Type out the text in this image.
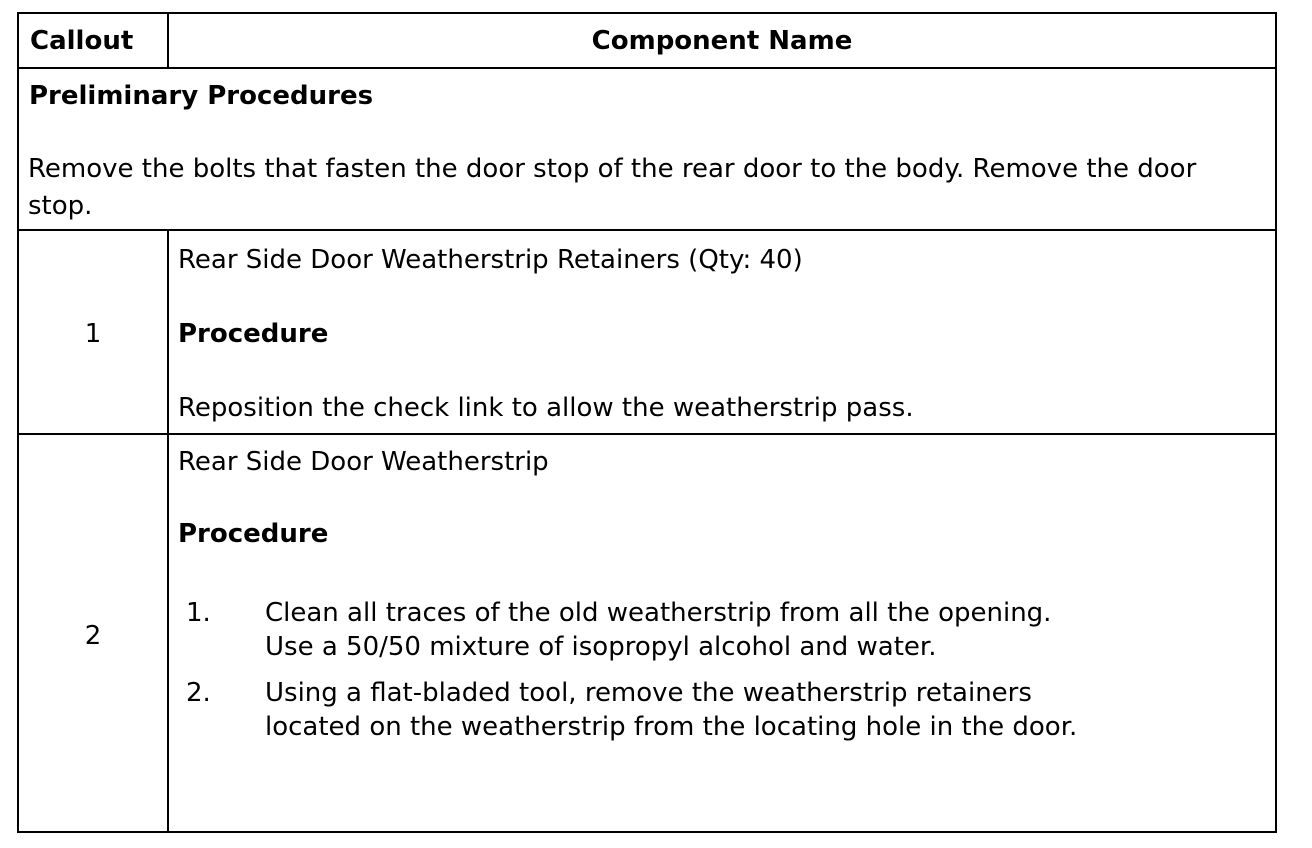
Callout	Component Name
Preliminary Procedures
Remove the bolts that fasten the door stop of the rear door to the body. Remove the door stop.
1
Rear Side Door Weatherstrip Retainers (Qty: 40)
Procedure
Reposition the check link to allow the weatherstrip pass.
2
Rear Side Door Weatherstrip
Procedure
1. Clean all traces of the old weatherstrip from all the opening.
Use a 50/50 mixture of isopropyl alcohol and water.
2. Using a flat-bladed tool, remove the weatherstrip retainers
located on the weatherstrip from the locating hole in the door.
